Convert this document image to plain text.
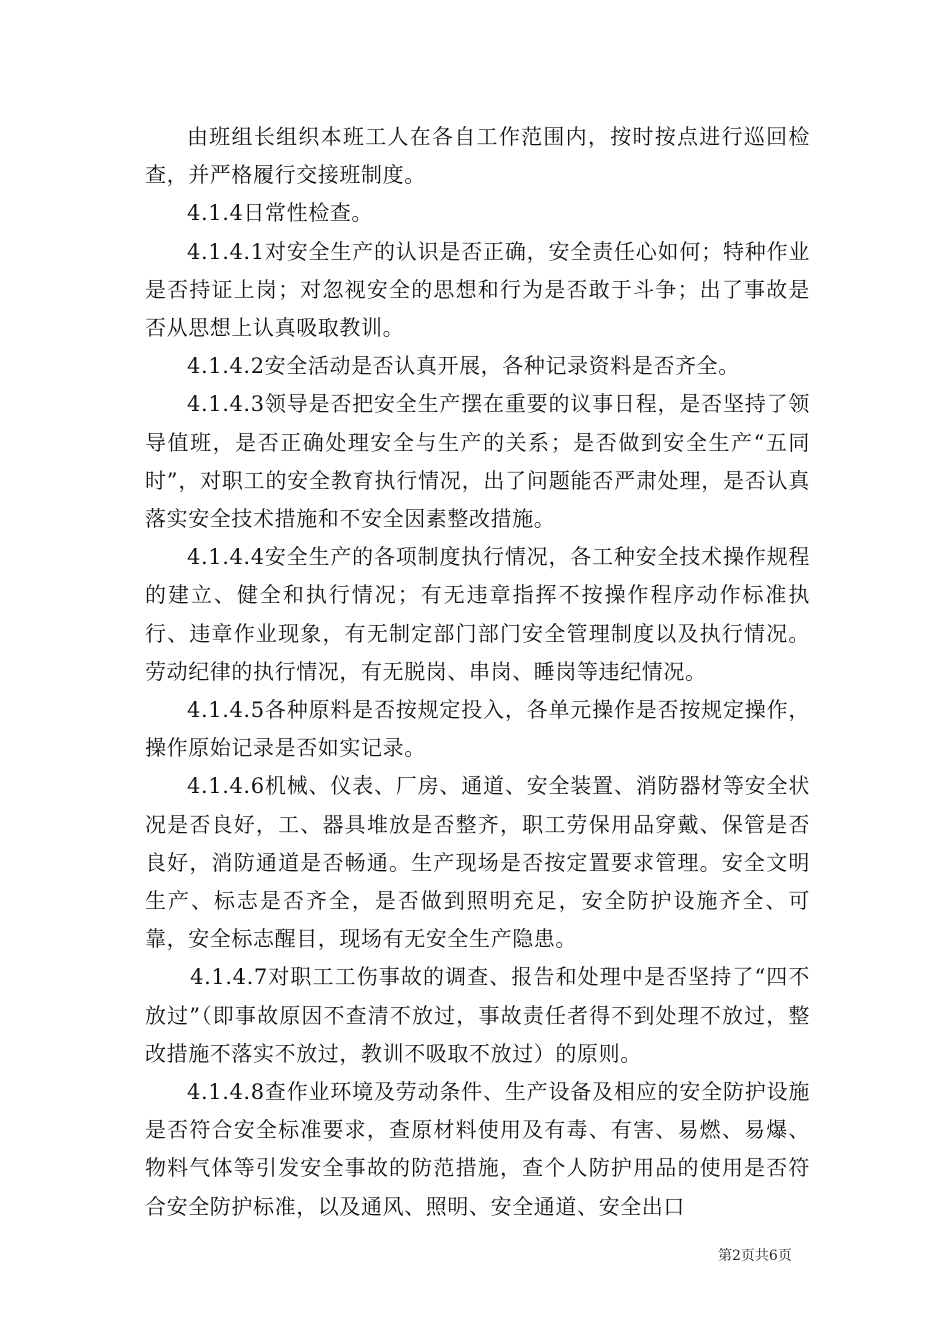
由班组长组织本班工人在各自工作范围内，按时按点进行巡回检查，并严格履行交接班制度。

4.1.4日常性检查。

4.1.4.1对安全生产的认识是否正确，安全责任心如何；特种作业是否持证上岗；对忽视安全的思想和行为是否敢于斗争；出了事故是否从思想上认真吸取教训。

4.1.4.2安全活动是否认真开展，各种记录资料是否齐全。

4.1.4.3领导是否把安全生产摆在重要的议事日程，是否坚持了领导值班，是否正确处理安全与生产的关系；是否做到安全生产“五同时”，对职工的安全教育执行情况，出了问题能否严肃处理，是否认真落实安全技术措施和不安全因素整改措施。

4.1.4.4安全生产的各项制度执行情况，各工种安全技术操作规程的建立、健全和执行情况；有无违章指挥不按操作程序动作标准执行、违章作业现象，有无制定部门部门安全管理制度以及执行情况。劳动纪律的执行情况，有无脱岗、串岗、睡岗等违纪情况。

4.1.4.5各种原料是否按规定投入，各单元操作是否按规定操作，操作原始记录是否如实记录。

4.1.4.6机械、仪表、厂房、通道、安全装置、消防器材等安全状况是否良好，工、器具堆放是否整齐，职工劳保用品穿戴、保管是否良好，消防通道是否畅通。生产现场是否按定置要求管理。安全文明生产、标志是否齐全，是否做到照明充足，安全防护设施齐全、可靠，安全标志醒目，现场有无安全生产隐患。

4.1.4.7对职工工伤事故的调查、报告和处理中是否坚持了“四不放过”（即事故原因不查清不放过，事故责任者得不到处理不放过，整改措施不落实不放过，教训不吸取不放过）的原则。

4.1.4.8查作业环境及劳动条件、生产设备及相应的安全防护设施是否符合安全标准要求，查原材料使用及有毒、有害、易燃、易爆、物料气体等引发安全事故的防范措施，查个人防护用品的使用是否符合安全防护标准，以及通风、照明、安全通道、安全出口

第2页共6页
